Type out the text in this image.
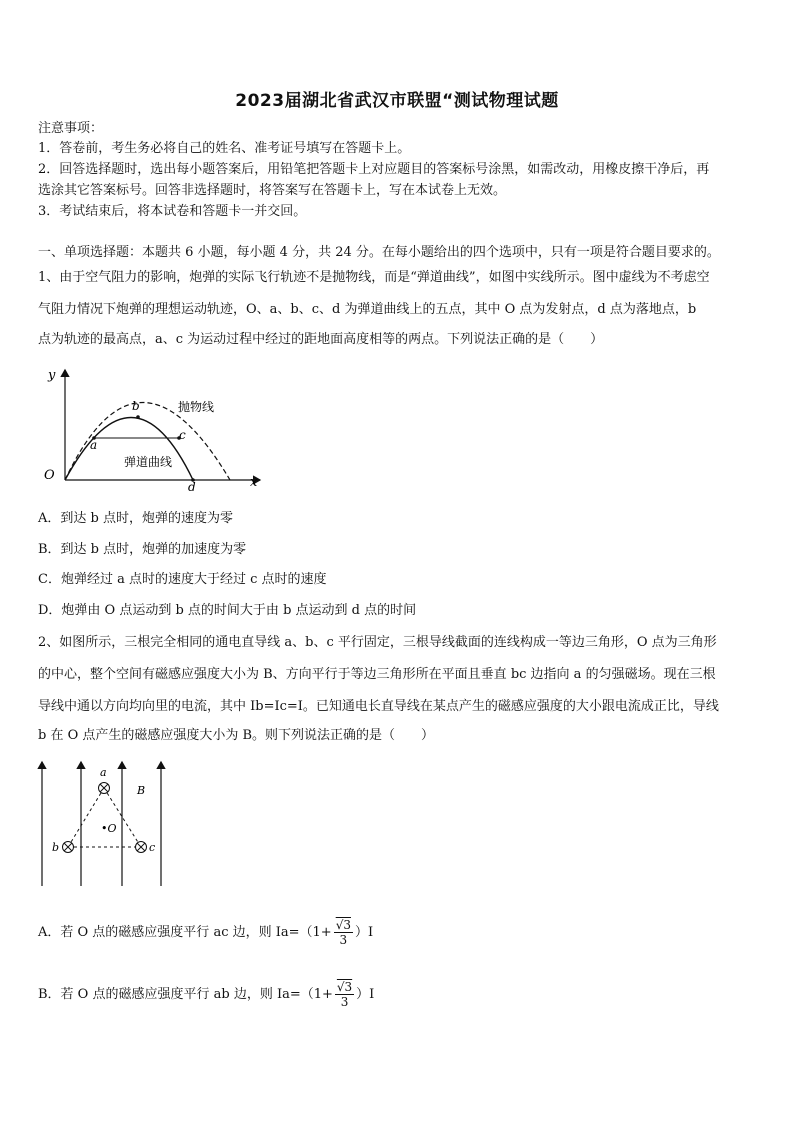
2023届湖北省武汉市联盟“测试物理试题
注意事项：
1．答卷前，考生务必将自己的姓名、准考证号填写在答题卡上。
2．回答选择题时，选出每小题答案后，用铅笔把答题卡上对应题目的答案标号涂黑，如需改动，用橡皮擦干净后，再
选涂其它答案标号。回答非选择题时，将答案写在答题卡上，写在本试卷上无效。
3．考试结束后，将本试卷和答题卡一并交回。
一、单项选择题：本题共 6 小题，每小题 4 分，共 24 分。在每小题给出的四个选项中，只有一项是符合题目要求的。
1、由于空气阻力的影响，炮弹的实际飞行轨迹不是抛物线，而是“弹道曲线”，如图中实线所示。图中虚线为不考虑空
气阻力情况下炮弹的理想运动轨迹，O、a、b、c、d 为弹道曲线上的五点，其中 O 点为发射点，d 点为落地点，b
点为轨迹的最高点，a、c 为运动过程中经过的距地面高度相等的两点。下列说法正确的是（　　）
y
x
O
a
b
c
d
抛物线
弹道曲线
A．到达 b 点时，炮弹的速度为零
B．到达 b 点时，炮弹的加速度为零
C．炮弹经过 a 点时的速度大于经过 c 点时的速度
D．炮弹由 O 点运动到 b 点的时间大于由 b 点运动到 d 点的时间
2、如图所示，三根完全相同的通电直导线 a、b、c 平行固定，三根导线截面的连线构成一等边三角形，O 点为三角形
的中心，整个空间有磁感应强度大小为 B、方向平行于等边三角形所在平面且垂直 bc 边指向 a 的匀强磁场。现在三根
导线中通以方向均向里的电流，其中 Ib=Ic=I。已知通电长直导线在某点产生的磁感应强度的大小跟电流成正比，导线
b 在 O 点产生的磁感应强度大小为 B。则下列说法正确的是（　　）
a
b	c
•O
B
A．若 O 点的磁感应强度平行 ac 边，则 $Ia=(1+ \frac{√3}{3} )I$
B．若 O 点的磁感应强度平行 ab 边，则 $Ia=(1+ \frac{√3}{3} )I$
